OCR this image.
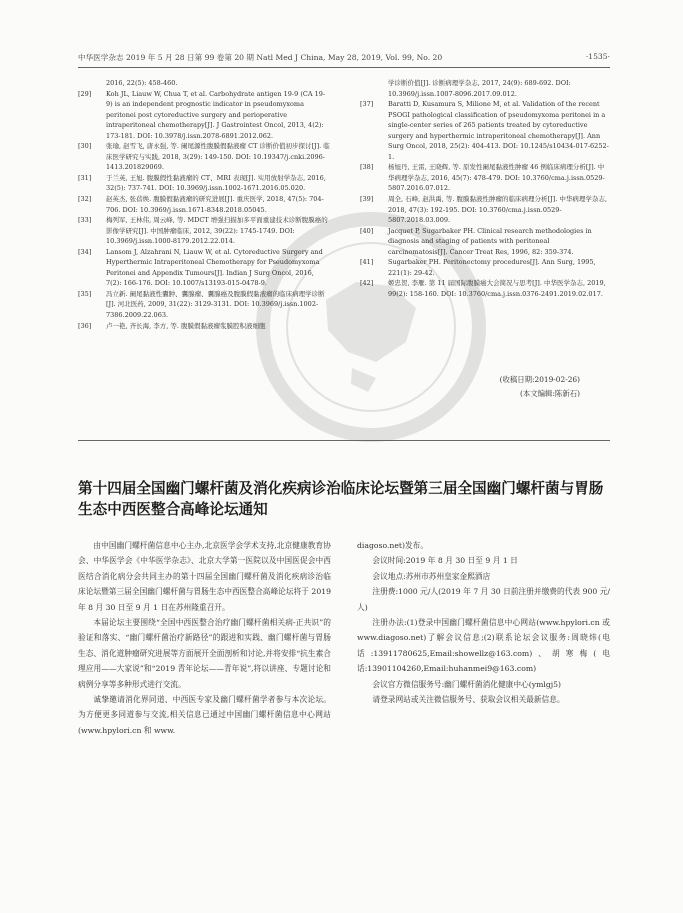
中华医学杂志 2019 年 5 月 28 日第 99 卷第 20 期 Natl Med J China, May 28, 2019, Vol. 99, No. 20	·1535·
2016, 22(5): 458-460.
[29] Koh JL, Liauw W, Chua T, et al. Carbohydrate antigen 19-9 (CA 19-9) is an independent prognostic indicator in pseudomyxoma peritonei post cytoreductive surgery and perioperative intraperitoneal chemotherapy[J]. J Gastrointest Oncol, 2013, 4(2): 173-181. DOI: 10.3978/j.issn.2078-6891.2012.062.
[30] 张瑜, 赵雪飞, 唐永强, 等. 阑尾源性腹膜假黏液瘤 CT 诊断价值初步探讨[J]. 临床医学研究与实践, 2018, 3(29): 149-150. DOI: 10.19347/j.cnki.2096-1413.201829069.
[31] 于兰英, 王旭. 腹膜假性黏液瘤的 CT、MRI 表现[J]. 实用放射学杂志, 2016, 32(5): 737-741. DOI: 10.3969/j.issn.1002-1671.2016.05.020.
[32] 赵英杰, 张蓓焕. 腹膜假黏液瘤的研究进展[J]. 重庆医学, 2018, 47(5): 704-706. DOI: 10.3969/j.issn.1671-8348.2018.05045.
[33] 梅列军, 王林伟, 周云峰, 等. MDCT 增强扫描加多平面重建技术诊断腹膜癌的影像学研究[J]. 中国肿瘤临床, 2012, 39(22): 1745-1749. DOI: 10.3969/j.issn.1000-8179.2012.22.014.
[34] Lansom J, Alzahrani N, Liauw W, et al. Cytoreductive Surgery and Hyperthermic Intraperitoneal Chemotherapy for Pseudomyxoma Peritonei and Appendix Tumours[J]. Indian J Surg Oncol, 2016, 7(2): 166-176. DOI: 10.1007/s13193-015-0478-9.
[35] 冯立新. 阑尾黏液性囊肿、囊腺瘤、囊腺癌及腹膜假黏液瘤的临床病理学诊断[J]. 河北医药, 2009, 31(22): 3129-3131. DOI: 10.3969/j.issn.1002-7386.2009.22.063.
[36] 卢一艳, 齐长海, 李方, 等. 腹膜假黏液瘤浆膜腔积液细胞
学诊断价值[J]. 诊断病理学杂志, 2017, 24(9): 689-692. DOI: 10.3969/j.issn.1007-8096.2017.09.012.
[37] Baratti D, Kusamura S, Milione M, et al. Validation of the recent PSOGI pathological classification of pseudomyxoma peritonei in a single-center series of 265 patients treated by cytoreductive surgery and hyperthermic intraperitoneal chemotherapy[J]. Ann Surg Oncol, 2018, 25(2): 404-413. DOI: 10.1245/s10434-017-6252-1.
[38] 杨旭丹, 王雷, 王晓辉, 等. 原发性阑尾黏液性肿瘤 46 例临床病理分析[J]. 中华病理学杂志, 2016, 45(7): 478-479. DOI: 10.3760/cma.j.issn.0529-5807.2016.07.012.
[39] 周全, 石峰, 赵洪禹, 等. 腹膜黏液性肿瘤的临床病理分析[J]. 中华病理学杂志, 2018, 47(3): 192-195. DOI: 10.3760/cma.j.issn.0529-5807.2018.03.009.
[40] Jacquet P, Sugarbaker PH. Clinical research methodologies in diagnosis and staging of patients with peritoneal carcinomatosis[J]. Cancer Treat Res, 1996, 82: 359-374.
[41] Sugarbaker PH. Peritonectomy procedures[J]. Ann Surg, 1995, 221(1): 29-42.
[42] 姬忠贺, 李雁. 第 11 届国际腹膜癌大会简况与思考[J]. 中华医学杂志, 2019, 99(2): 158-160. DOI: 10.3760/cma.j.issn.0376-2491.2019.02.017.
(收稿日期:2019-02-26)
(本文编辑:陈新石)
第十四届全国幽门螺杆菌及消化疾病诊治临床论坛暨第三届全国幽门螺杆菌与胃肠生态中西医整合高峰论坛通知

由中国幽门螺杆菌信息中心主办,北京医学会学术支持,北京健康教育协会、中华医学会《中华医学杂志》、北京大学第一医院以及中国医促会中西医结合消化病分会共同主办的第十四届全国幽门螺杆菌及消化疾病诊治临床论坛暨第三届全国幽门螺杆菌与胃肠生态中西医整合高峰论坛将于 2019 年 8 月 30 日至 9 月 1 日在苏州隆重召开。

本届论坛主要围绕“全国中西医整合治疗幽门螺杆菌相关病-正共识”的验证和落实、“幽门螺杆菌治疗新路径”的跟进和实践、幽门螺杆菌与胃肠生态、消化道肿瘤研究进展等方面展开全面剖析和讨论,并将安排“抗生素合理应用——大家说”和“2019 青年论坛——青年说”,将以讲座、专题讨论和病例分享等多种形式进行交流。

诚挚邀请消化界同道、中西医专家及幽门螺杆菌学者参与本次论坛。为方便更多同道参与交流,相关信息已通过中国幽门螺杆菌信息中心网站(www.hpylori.cn 和 www.

diagoso.net)发布。

会议时间:2019 年 8 月 30 日至 9 月 1 日

会议地点:苏州市苏州皇家金熙酒店

注册费:1000 元/人(2019 年 7 月 30 日前注册并缴费的代表 900 元/人)

注册办法:(1)登录中国幽门螺杆菌信息中心网站(www.hpylori.cn 或 www.diagoso.net)了解会议信息;(2)联系论坛会议服务:周晓炜(电话:13911780625,Email:showellz@163.com)、胡寒梅(电话:13901104260,Email:huhanmei9@163.com)

会议官方微信服务号:幽门螺杆菌消化健康中心(ymlgj5)

请登录网站或关注微信服务号、获取会议相关最新信息。
